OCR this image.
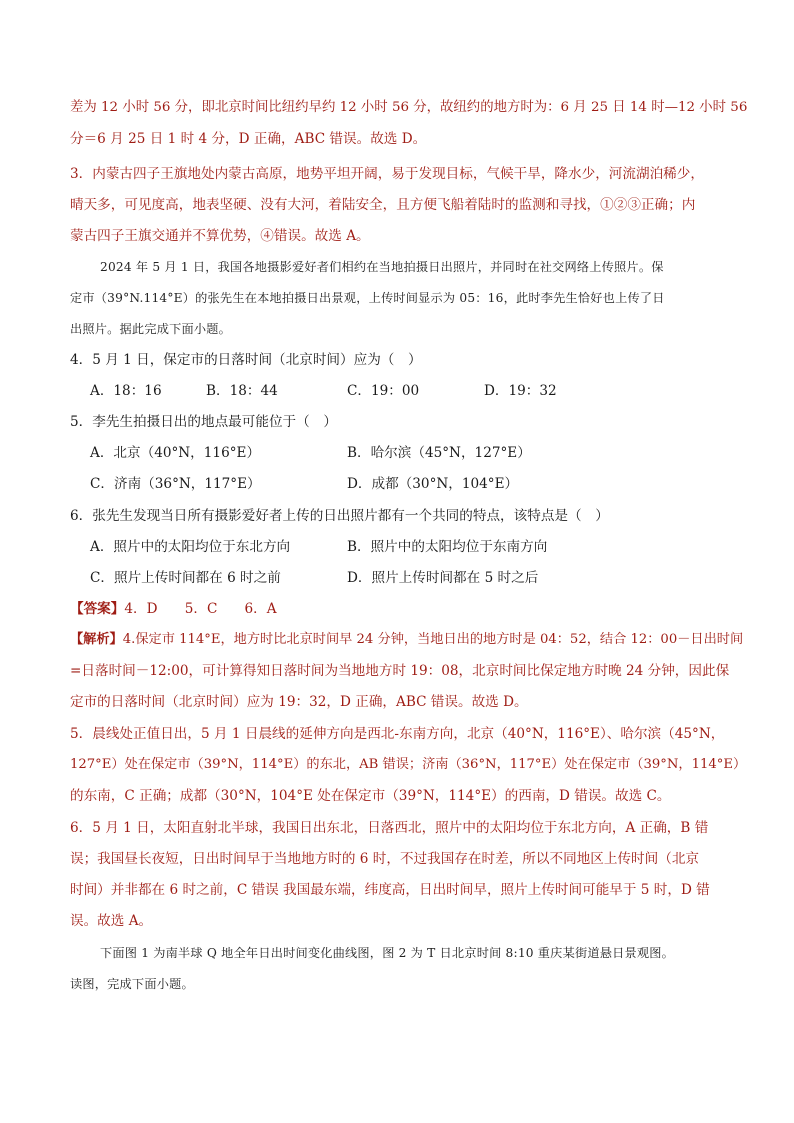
差为 12 小时 56 分，即北京时间比纽约早约 12 小时 56 分，故纽约的地方时为：6 月 25 日 14 时—12 小时 56
分＝6 月 25 日 1 时 4 分，D 正确，ABC 错误。故选 D。
3．内蒙古四子王旗地处内蒙古高原，地势平坦开阔，易于发现目标，气候干旱，降水少，河流湖泊稀少，
晴天多，可见度高，地表坚硬、没有大河，着陆安全，且方便飞船着陆时的监测和寻找，①②③正确；内
蒙古四子王旗交通并不算优势，④错误。故选 A。
2024 年 5 月 1 日，我国各地摄影爱好者们相约在当地拍摄日出照片，并同时在社交网络上传照片。保
定市（39°N.114°E）的张先生在本地拍摄日出景观，上传时间显示为 05：16，此时李先生恰好也上传了日
出照片。据此完成下面小题。
4．5 月 1 日，保定市的日落时间（北京时间）应为（　）
A．18：16	B．18：44	C．19：00	D．19：32
5．李先生拍摄日出的地点最可能位于（　）
A．北京（40°N，116°E）	B．哈尔滨（45°N，127°E）
C．济南（36°N，117°E）	D．成都（30°N，104°E）
6．张先生发现当日所有摄影爱好者上传的日出照片都有一个共同的特点，该特点是（　）
A．照片中的太阳均位于东北方向	B．照片中的太阳均位于东南方向
C．照片上传时间都在 6 时之前	D．照片上传时间都在 5 时之后
【答案】4．D　　5．C　　6．A
【解析】4.保定市 114°E，地方时比北京时间早 24 分钟，当地日出的地方时是 04：52，结合 12：00－日出时间
=日落时间－12:00，可计算得知日落时间为当地地方时 19：08，北京时间比保定地方时晚 24 分钟，因此保
定市的日落时间（北京时间）应为 19：32，D 正确，ABC 错误。故选 D。
5．晨线处正值日出，5 月 1 日晨线的延伸方向是西北-东南方向，北京（40°N，116°E）、哈尔滨（45°N，
127°E）处在保定市（39°N，114°E）的东北，AB 错误；济南（36°N，117°E）处在保定市（39°N，114°E）
的东南，C 正确；成都（30°N，104°E 处在保定市（39°N，114°E）的西南，D 错误。故选 C。
6．5 月 1 日，太阳直射北半球，我国日出东北，日落西北，照片中的太阳均位于东北方向，A 正确，B 错
误；我国昼长夜短，日出时间早于当地地方时的 6 时，不过我国存在时差，所以不同地区上传时间（北京
时间）并非都在 6 时之前，C 错误 我国最东端，纬度高，日出时间早，照片上传时间可能早于 5 时，D 错
误。故选 A。
下面图 1 为南半球 Q 地全年日出时间变化曲线图，图 2 为 T 日北京时间 8:10 重庆某街道悬日景观图。
读图，完成下面小题。
